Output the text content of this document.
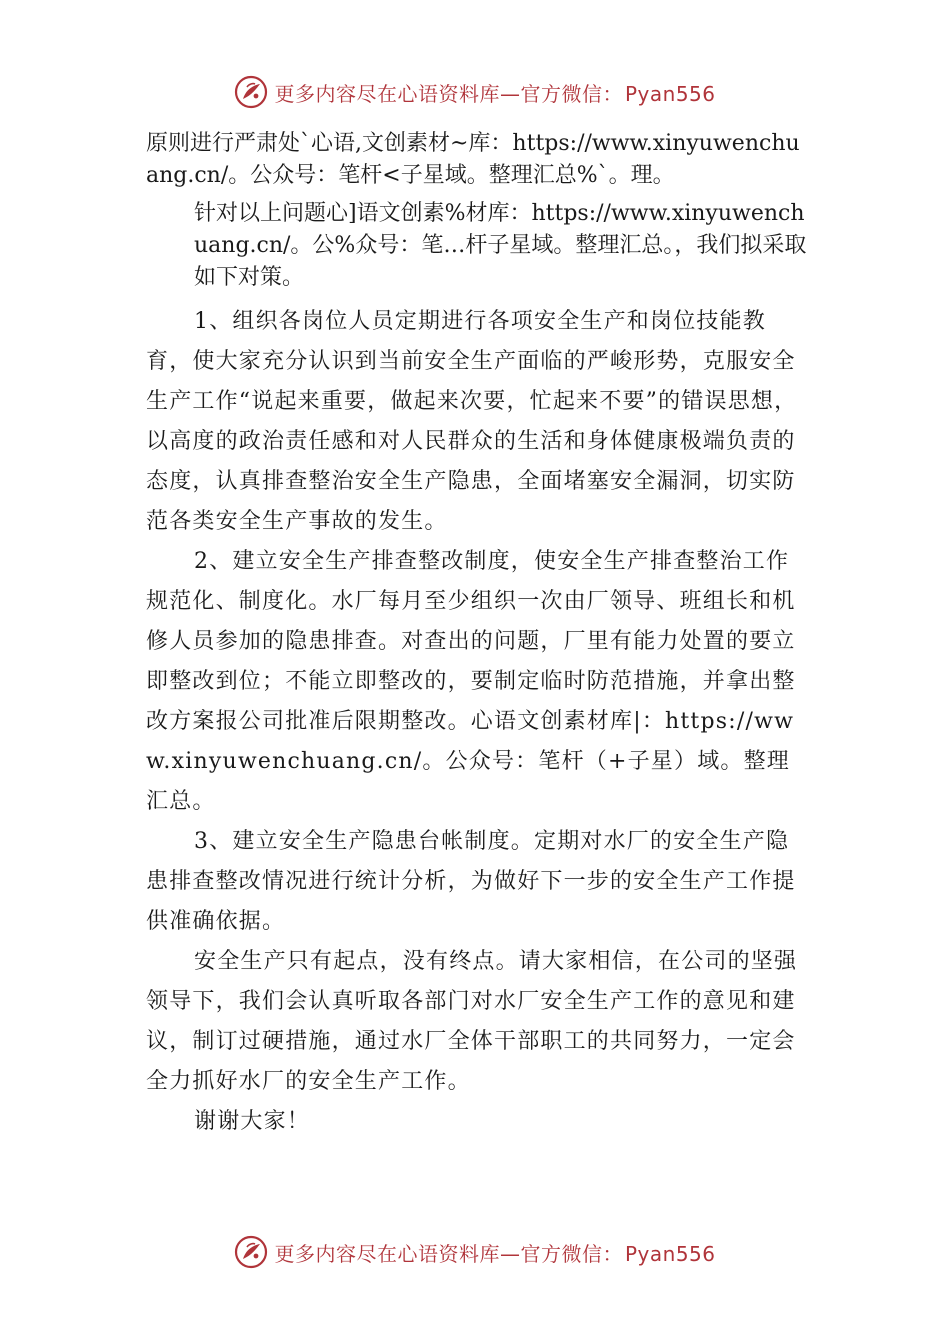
更多内容尽在心语资料库—官方微信： Pyan556

原则进行严肃处`心语,文创素材~库：https://www.xinyuwenchuang.cn/。公众号：笔杆<子星域。整理汇总%`。理。

针对以上问题心]语文创素%材库：https://www.xinyuwenchuang.cn/。公%众号：笔…杆子星域。整理汇总。，我们拟采取如下对策。

1、组织各岗位人员定期进行各项安全生产和岗位技能教育，使大家充分认识到当前安全生产面临的严峻形势，克服安全生产工作“说起来重要，做起来次要，忙起来不要”的错误思想，以高度的政治责任感和对人民群众的生活和身体健康极端负责的态度，认真排查整治安全生产隐患，全面堵塞安全漏洞，切实防范各类安全生产事故的发生。

2、建立安全生产排查整改制度，使安全生产排查整治工作规范化、制度化。水厂每月至少组织一次由厂领导、班组长和机修人员参加的隐患排查。对查出的问题，厂里有能力处置的要立即整改到位；不能立即整改的，要制定临时防范措施，并拿出整改方案报公司批准后限期整改。心语文创素材库|：https://www.xinyuwenchuang.cn/。公众号：笔杆（+子星）域。整理汇总。

3、建立安全生产隐患台帐制度。定期对水厂的安全生产隐患排查整改情况进行统计分析，为做好下一步的安全生产工作提供准确依据。

安全生产只有起点，没有终点。请大家相信，在公司的坚强领导下，我们会认真听取各部门对水厂安全生产工作的意见和建议，制订过硬措施，通过水厂全体干部职工的共同努力，一定会全力抓好水厂的安全生产工作。

谢谢大家！

更多内容尽在心语资料库—官方微信： Pyan556
